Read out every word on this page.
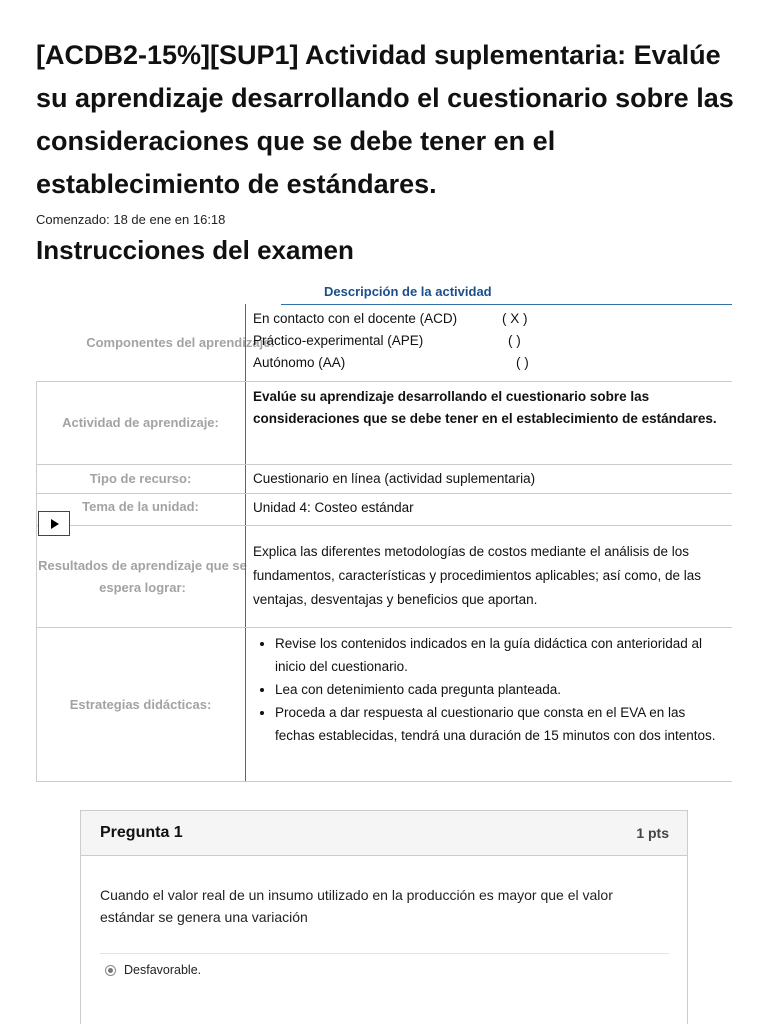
[ACDB2-15%][SUP1] Actividad suplementaria: Evalúe su aprendizaje desarrollando el cuestionario sobre las consideraciones que se debe tener en el establecimiento de estándares.
Comenzado: 18 de ene en 16:18
Instrucciones del examen
Descripción de la actividad
Componentes del aprendizaje:
En contacto con el docente (ACD)	( X )
Práctico-experimental (APE)	( )
Autónomo (AA)	( )
Actividad de aprendizaje:
Evalúe su aprendizaje desarrollando el cuestionario sobre las consideraciones que se debe tener en el establecimiento de estándares.
Tipo de recurso:	Cuestionario en línea (actividad suplementaria)
Tema de la unidad:	Unidad 4: Costeo estándar
Resultados de aprendizaje que se espera lograr:
Explica las diferentes metodologías de costos mediante el análisis de los fundamentos, características y procedimientos aplicables; así como, de las ventajas, desventajas y beneficios que aportan.
Estrategias didácticas:
• Revise los contenidos indicados en la guía didáctica con anterioridad al inicio del cuestionario.
• Lea con detenimiento cada pregunta planteada.
• Proceda a dar respuesta al cuestionario que consta en el EVA en las fechas establecidas, tendrá una duración de 15 minutos con dos intentos.
Pregunta 1	1 pts
Cuando el valor real de un insumo utilizado en la producción es mayor que el valor estándar se genera una variación
Desfavorable.
